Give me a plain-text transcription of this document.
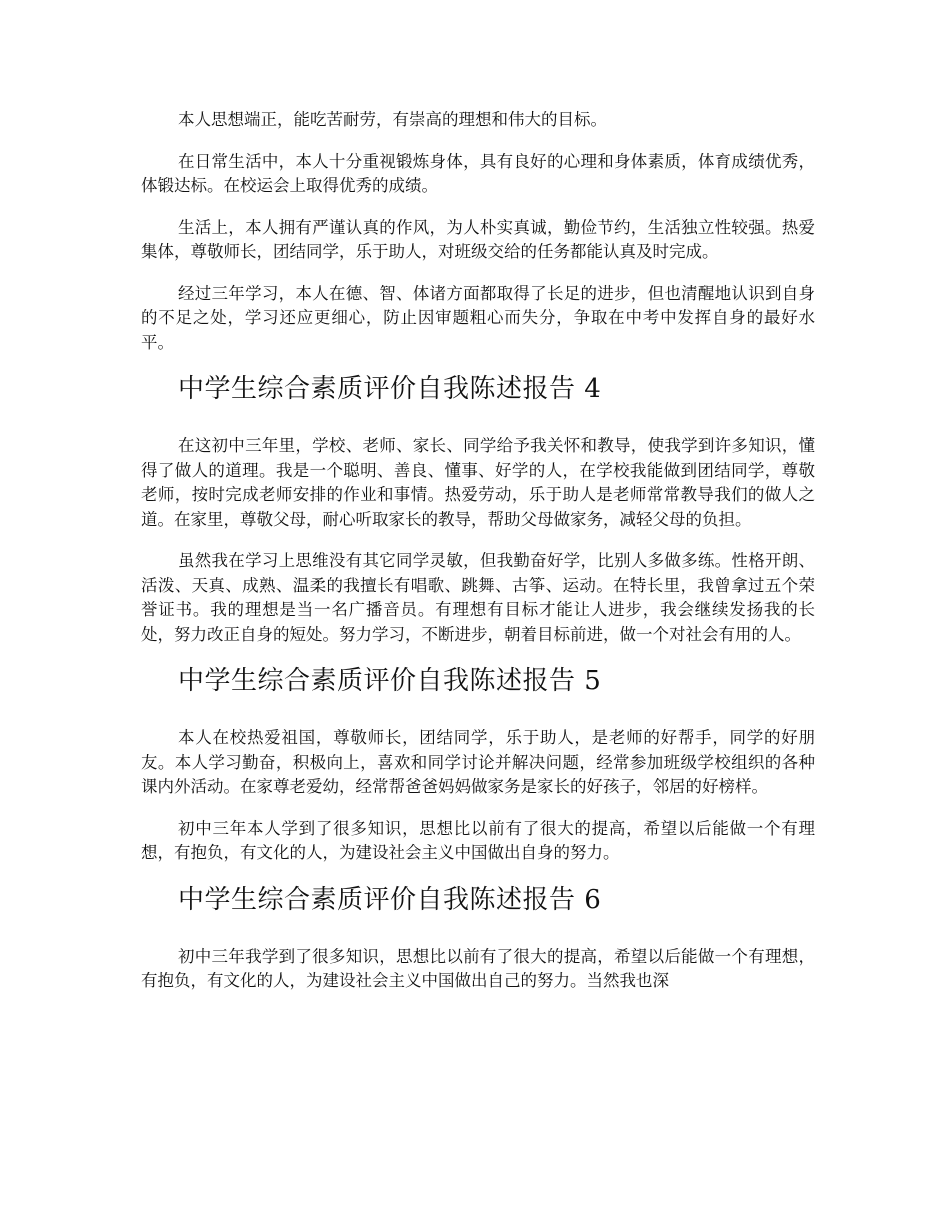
本人思想端正，能吃苦耐劳，有崇高的理想和伟大的目标。

在日常生活中，本人十分重视锻炼身体，具有良好的心理和身体素质，体育成绩优秀，体锻达标。在校运会上取得优秀的成绩。

生活上，本人拥有严谨认真的作风，为人朴实真诚，勤俭节约，生活独立性较强。热爱集体，尊敬师长，团结同学，乐于助人，对班级交给的任务都能认真及时完成。

经过三年学习，本人在德、智、体诸方面都取得了长足的进步，但也清醒地认识到自身的不足之处，学习还应更细心，防止因审题粗心而失分，争取在中考中发挥自身的最好水平。

中学生综合素质评价自我陈述报告 4

在这初中三年里，学校、老师、家长、同学给予我关怀和教导，使我学到许多知识，懂得了做人的道理。我是一个聪明、善良、懂事、好学的人，在学校我能做到团结同学，尊敬老师，按时完成老师安排的作业和事情。热爱劳动，乐于助人是老师常常教导我们的做人之道。在家里，尊敬父母，耐心听取家长的教导，帮助父母做家务，减轻父母的负担。

虽然我在学习上思维没有其它同学灵敏，但我勤奋好学，比别人多做多练。性格开朗、活泼、天真、成熟、温柔的我擅长有唱歌、跳舞、古筝、运动。在特长里，我曾拿过五个荣誉证书。我的理想是当一名广播音员。有理想有目标才能让人进步，我会继续发扬我的长处，努力改正自身的短处。努力学习，不断进步，朝着目标前进，做一个对社会有用的人。

中学生综合素质评价自我陈述报告 5

本人在校热爱祖国，尊敬师长，团结同学，乐于助人，是老师的好帮手，同学的好朋友。本人学习勤奋，积极向上，喜欢和同学讨论并解决问题，经常参加班级学校组织的各种课内外活动。在家尊老爱幼，经常帮爸爸妈妈做家务是家长的好孩子，邻居的好榜样。

初中三年本人学到了很多知识，思想比以前有了很大的提高，希望以后能做一个有理想，有抱负，有文化的人，为建设社会主义中国做出自身的努力。

中学生综合素质评价自我陈述报告 6

初中三年我学到了很多知识，思想比以前有了很大的提高，希望以后能做一个有理想，有抱负，有文化的人，为建设社会主义中国做出自己的努力。当然我也深
